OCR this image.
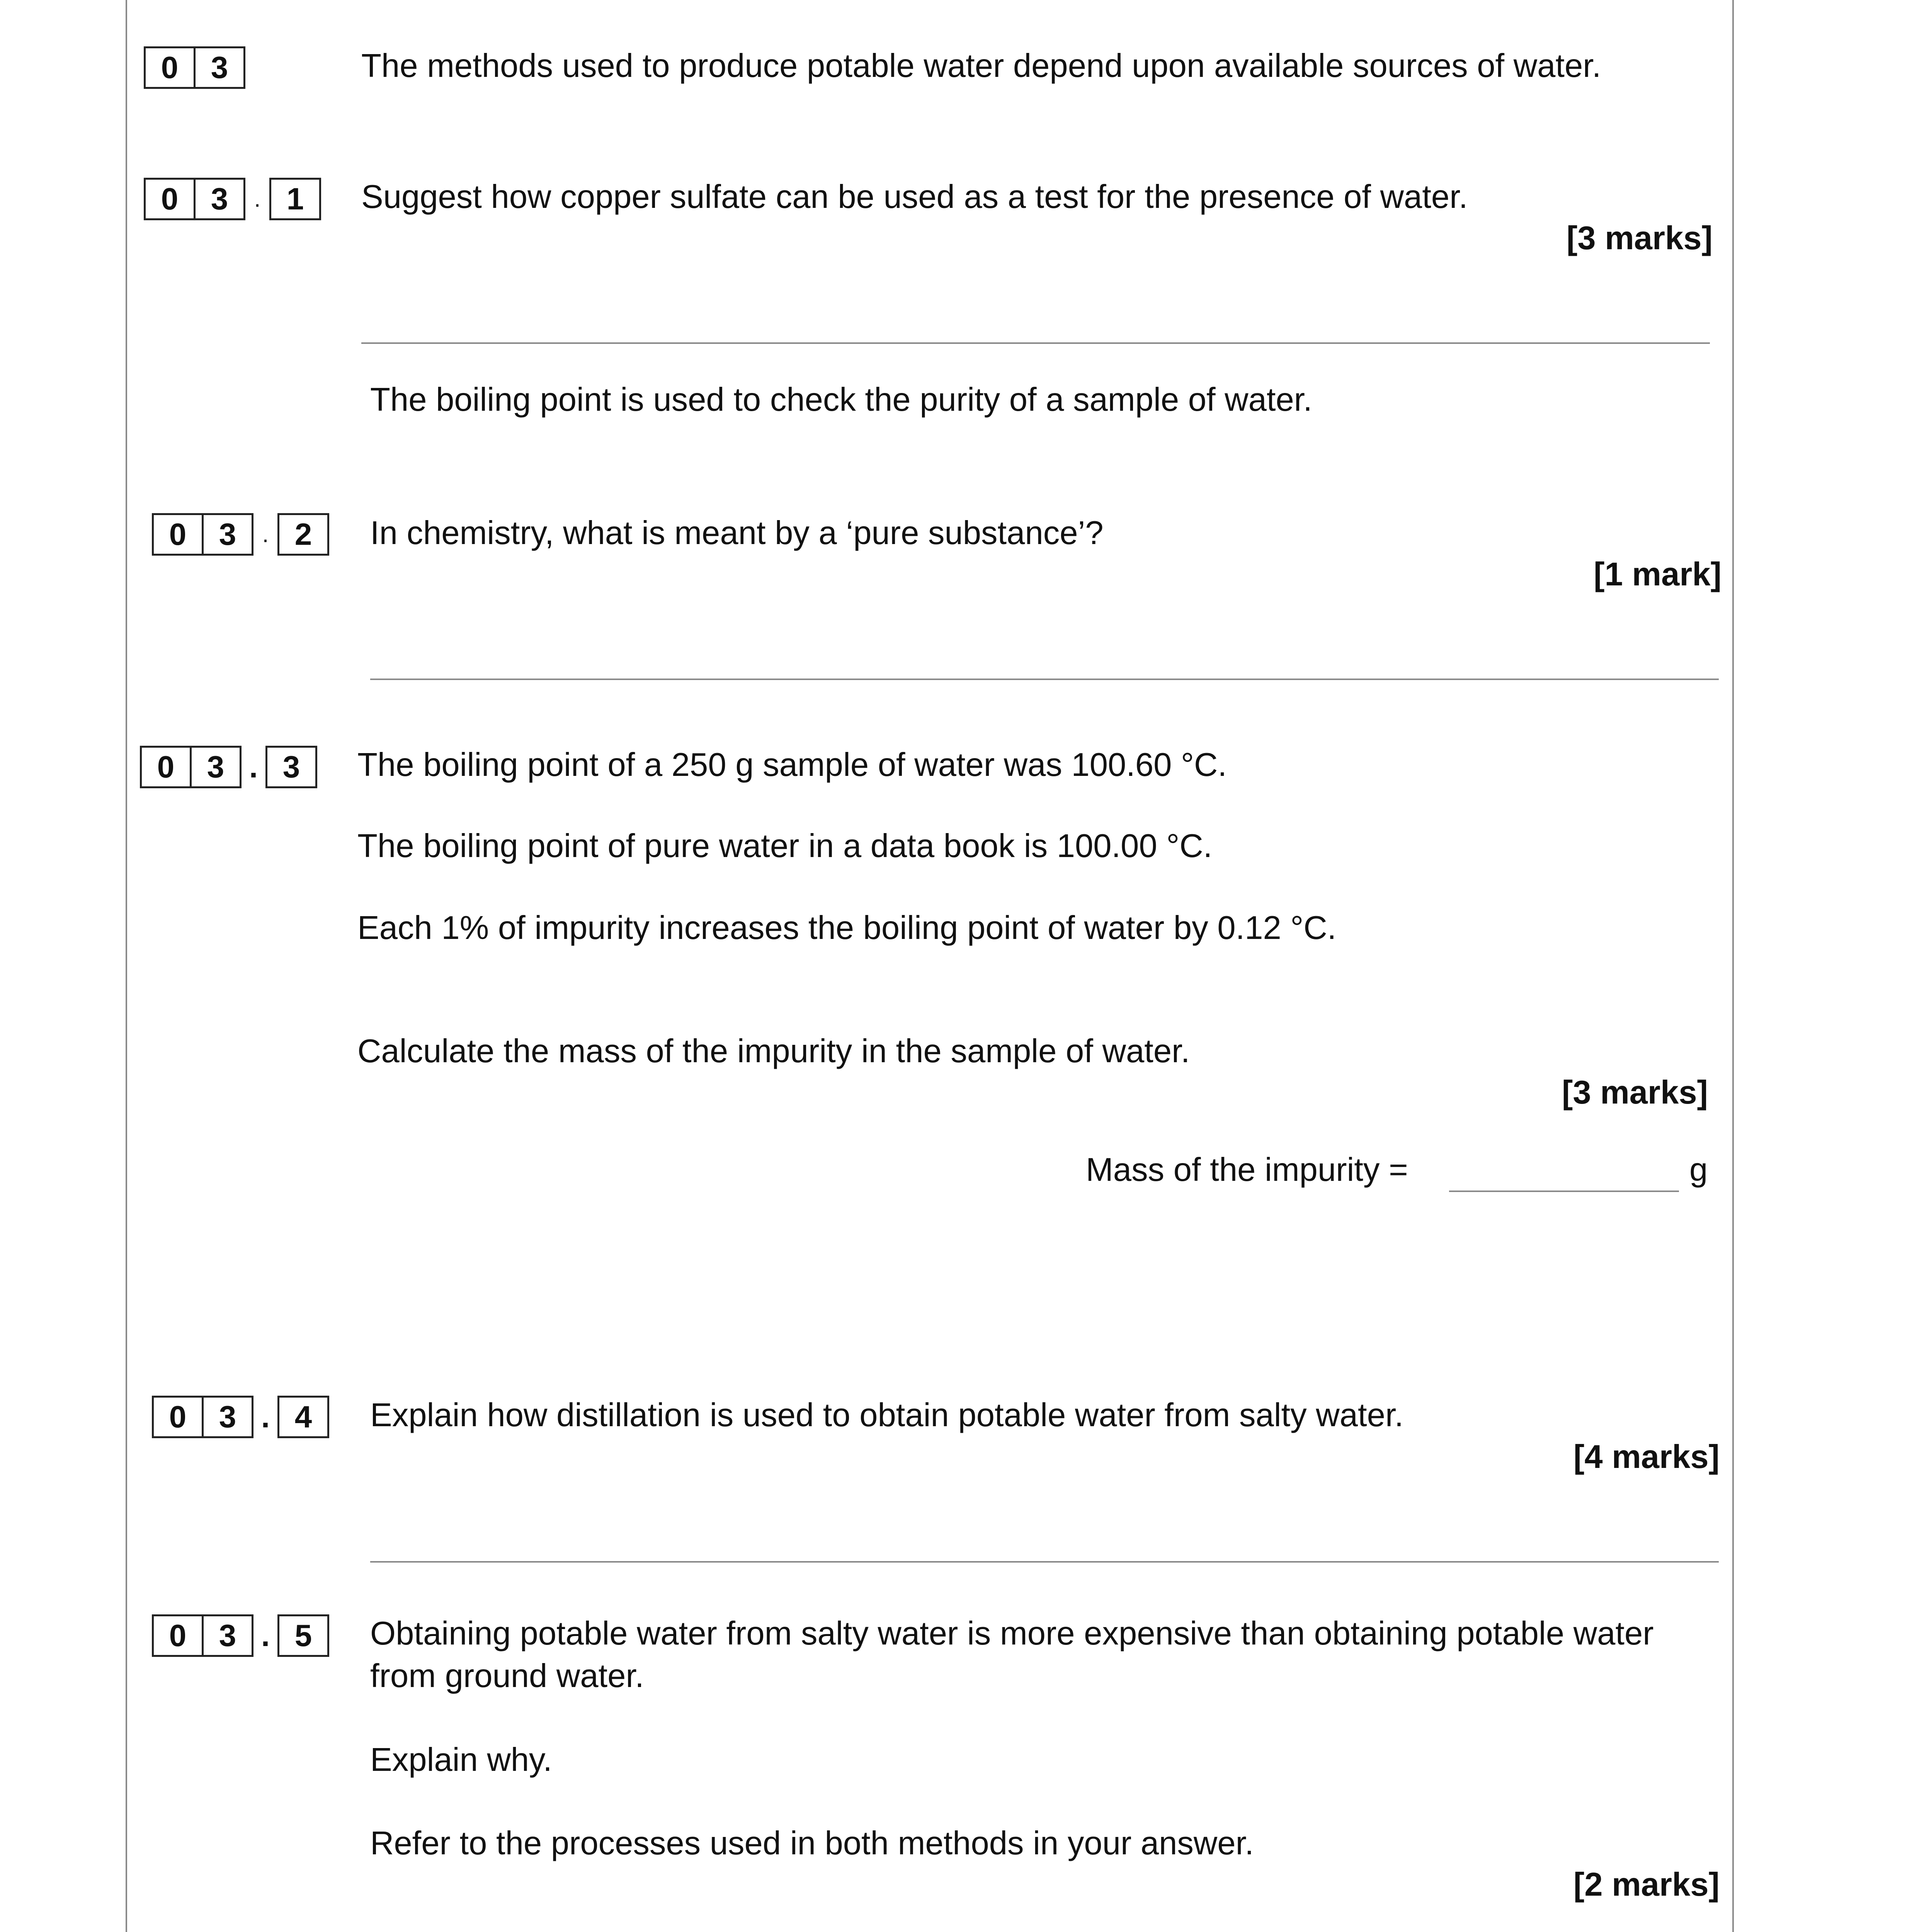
0	3	The methods used to produce potable water depend upon available sources of water.
0	3	. 1	Suggest how copper sulfate can be used as a test for the presence of water.
[3 marks]
The boiling point is used to check the purity of a sample of water.
0	3	. 2	In chemistry, what is meant by a ‘pure substance’?
[1 mark]
0	3 . 3	The boiling point of a 250 g sample of water was 100.60 °C.
The boiling point of pure water in a data book is 100.00 °C.
Each 1% of impurity increases the boiling point of water by 0.12 °C.
Calculate the mass of the impurity in the sample of water.
[3 marks]
Mass of the impurity =	g
0	3 . 4	Explain how distillation is used to obtain potable water from salty water.
[4 marks]
0	3 . 5	Obtaining potable water from salty water is more expensive than obtaining potable water from ground water.
Explain why.
Refer to the processes used in both methods in your answer.
[2 marks]
